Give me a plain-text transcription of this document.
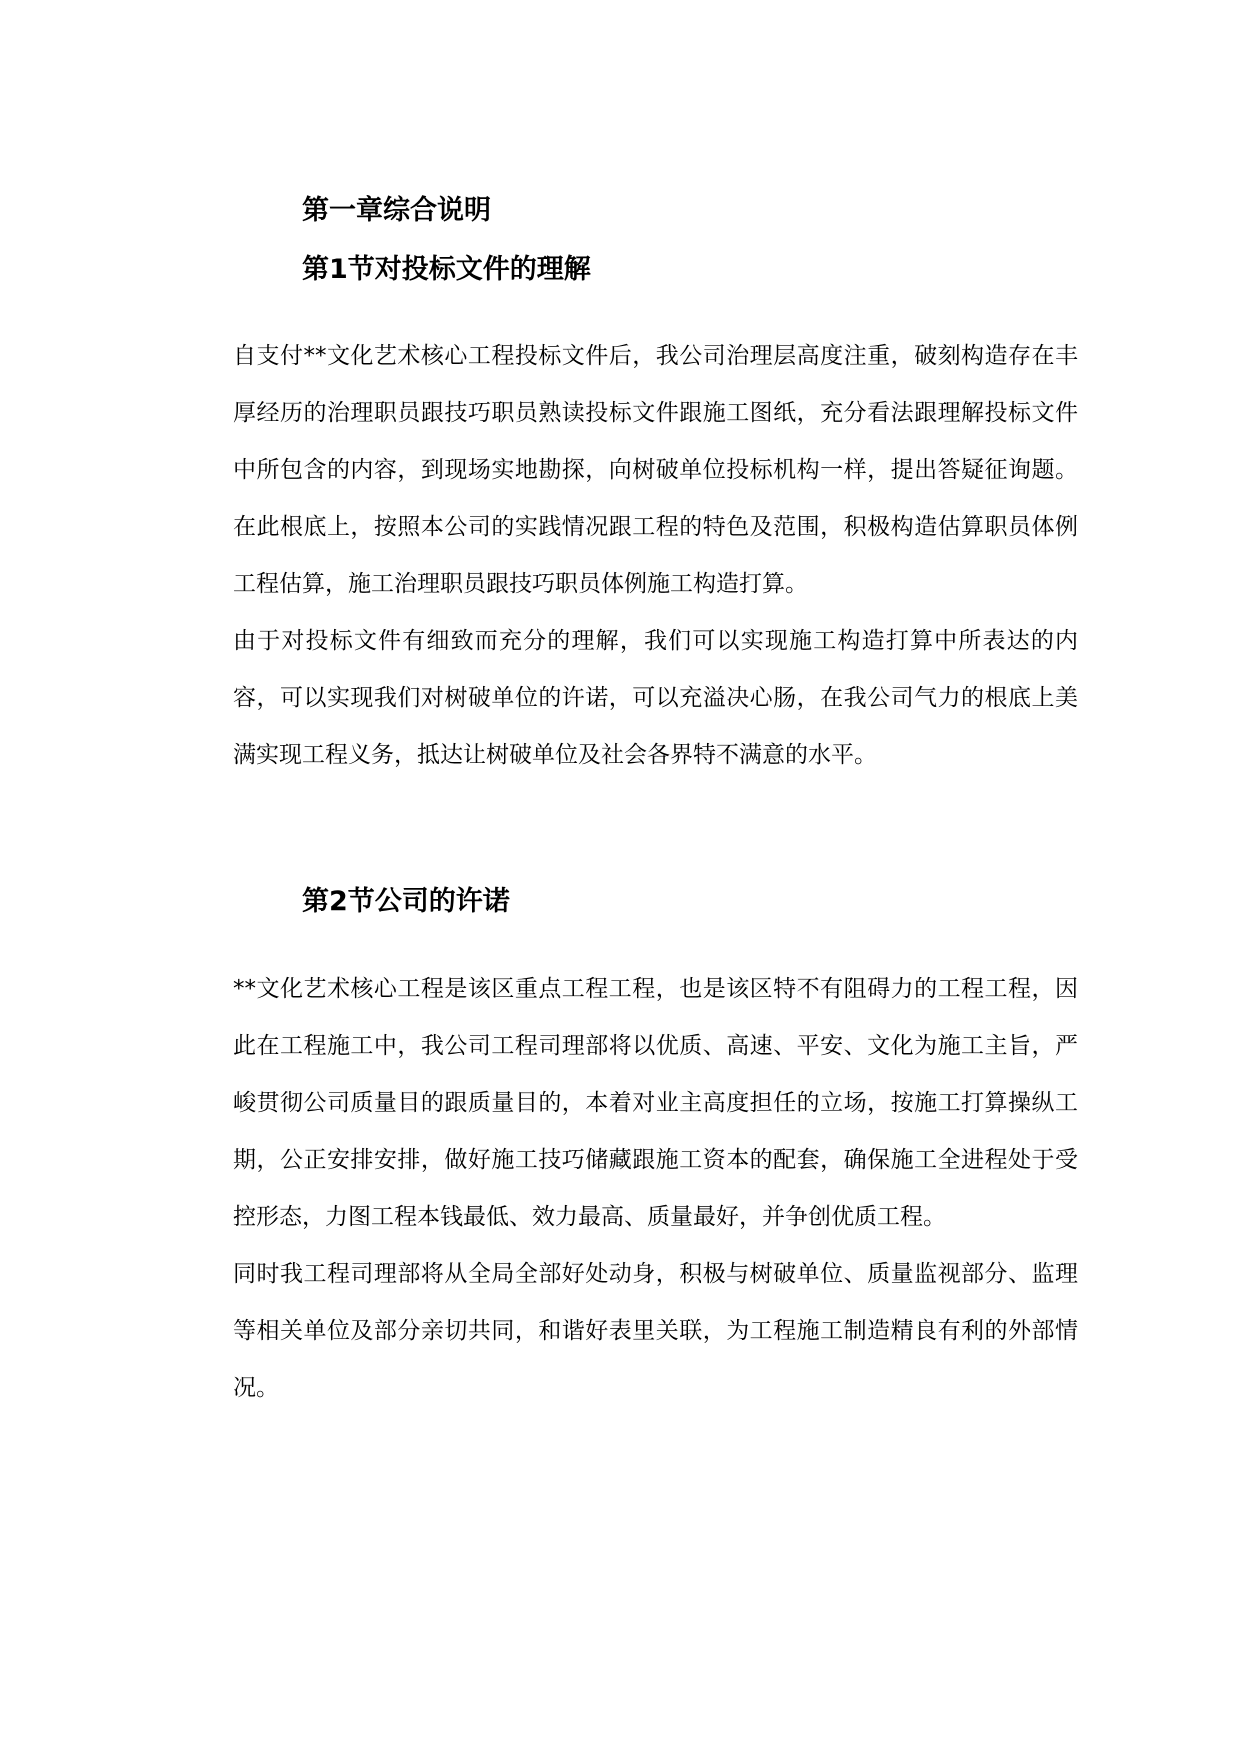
第一章综合说明
第1节对投标文件的理解

自支付**文化艺术核心工程投标文件后，我公司治理层高度注重，破刻构造存在丰厚经历的治理职员跟技巧职员熟读投标文件跟施工图纸，充分看法跟理解投标文件中所包含的内容，到现场实地勘探，向树破单位投标机构一样，提出答疑征询题。在此根底上，按照本公司的实践情况跟工程的特色及范围，积极构造估算职员体例工程估算，施工治理职员跟技巧职员体例施工构造打算。

由于对投标文件有细致而充分的理解，我们可以实现施工构造打算中所表达的内容，可以实现我们对树破单位的许诺，可以充溢决心肠，在我公司气力的根底上美满实现工程义务，抵达让树破单位及社会各界特不满意的水平。

第2节公司的许诺

**文化艺术核心工程是该区重点工程工程，也是该区特不有阻碍力的工程工程，因此在工程施工中，我公司工程司理部将以优质、高速、平安、文化为施工主旨，严峻贯彻公司质量目的跟质量目的，本着对业主高度担任的立场，按施工打算操纵工期，公正安排安排，做好施工技巧储藏跟施工资本的配套，确保施工全进程处于受控形态，力图工程本钱最低、效力最高、质量最好，并争创优质工程。

同时我工程司理部将从全局全部好处动身，积极与树破单位、质量监视部分、监理等相关单位及部分亲切共同，和谐好表里关联，为工程施工制造精良有利的外部情况。
